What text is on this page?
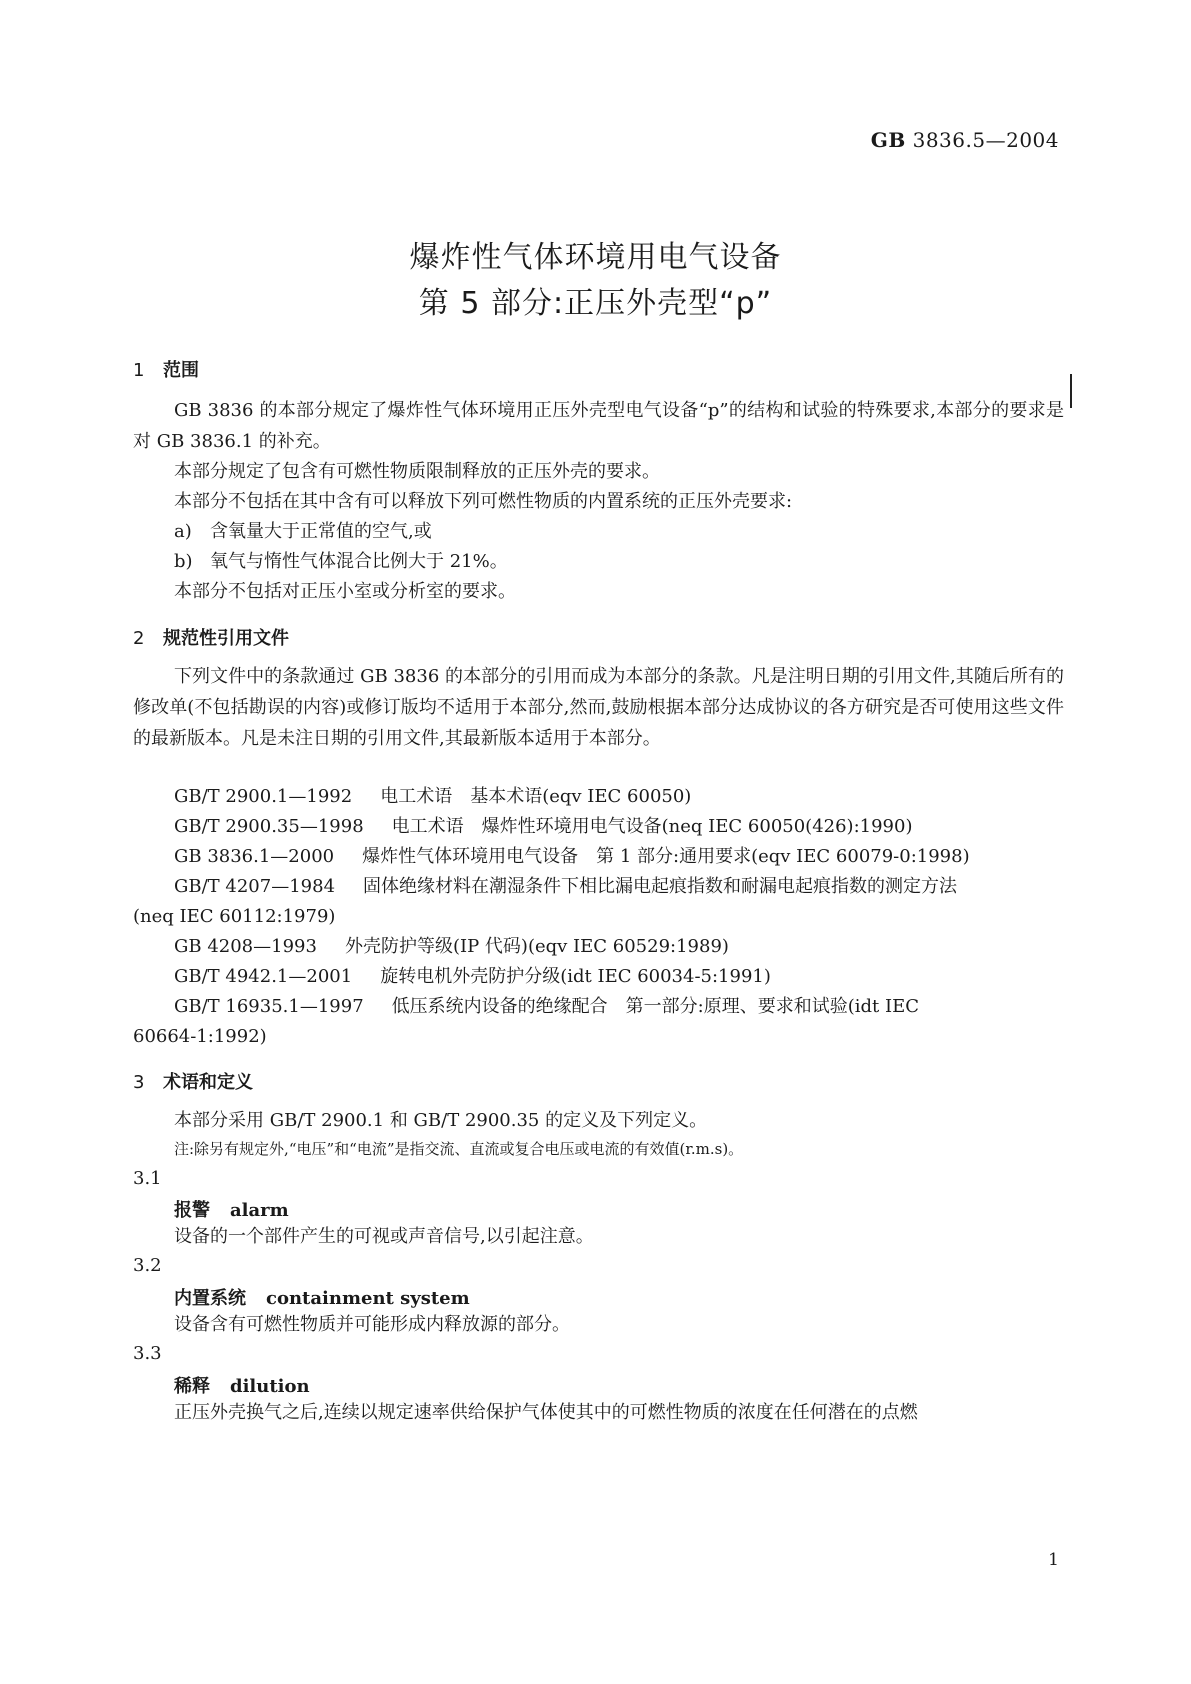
GB 3836.5—2004
爆炸性气体环境用电气设备
第 5 部分:正压外壳型“p”
1 范围
GB 3836 的本部分规定了爆炸性气体环境用正压外壳型电气设备“p”的结构和试验的特殊要求,本部分的要求是对 GB 3836.1 的补充。
本部分规定了包含有可燃性物质限制释放的正压外壳的要求。
本部分不包括在其中含有可以释放下列可燃性物质的内置系统的正压外壳要求:
a) 含氧量大于正常值的空气,或
b) 氧气与惰性气体混合比例大于 21%。
本部分不包括对正压小室或分析室的要求。
2 规范性引用文件
下列文件中的条款通过 GB 3836 的本部分的引用而成为本部分的条款。凡是注明日期的引用文件,其随后所有的修改单(不包括勘误的内容)或修订版均不适用于本部分,然而,鼓励根据本部分达成协议的各方研究是否可使用这些文件的最新版本。凡是未注日期的引用文件,其最新版本适用于本部分。
GB/T 2900.1—1992 电工术语　基本术语(eqv IEC 60050)
GB/T 2900.35—1998 电工术语　爆炸性环境用电气设备(neq IEC 60050(426):1990)
GB 3836.1—2000 爆炸性气体环境用电气设备　第 1 部分:通用要求(eqv IEC 60079-0:1998)
GB/T 4207—1984 固体绝缘材料在潮湿条件下相比漏电起痕指数和耐漏电起痕指数的测定方法
(neq IEC 60112:1979)
GB 4208—1993 外壳防护等级(IP 代码)(eqv IEC 60529:1989)
GB/T 4942.1—2001 旋转电机外壳防护分级(idt IEC 60034-5:1991)
GB/T 16935.1—1997 低压系统内设备的绝缘配合　第一部分:原理、要求和试验(idt IEC
60664-1:1992)
3 术语和定义
本部分采用 GB/T 2900.1 和 GB/T 2900.35 的定义及下列定义。
注:除另有规定外,“电压”和“电流”是指交流、直流或复合电压或电流的有效值(r.m.s)。
3.1
报警 alarm
设备的一个部件产生的可视或声音信号,以引起注意。
3.2
内置系统 containment system
设备含有可燃性物质并可能形成内释放源的部分。
3.3
稀释 dilution
正压外壳换气之后,连续以规定速率供给保护气体使其中的可燃性物质的浓度在任何潜在的点燃
1
